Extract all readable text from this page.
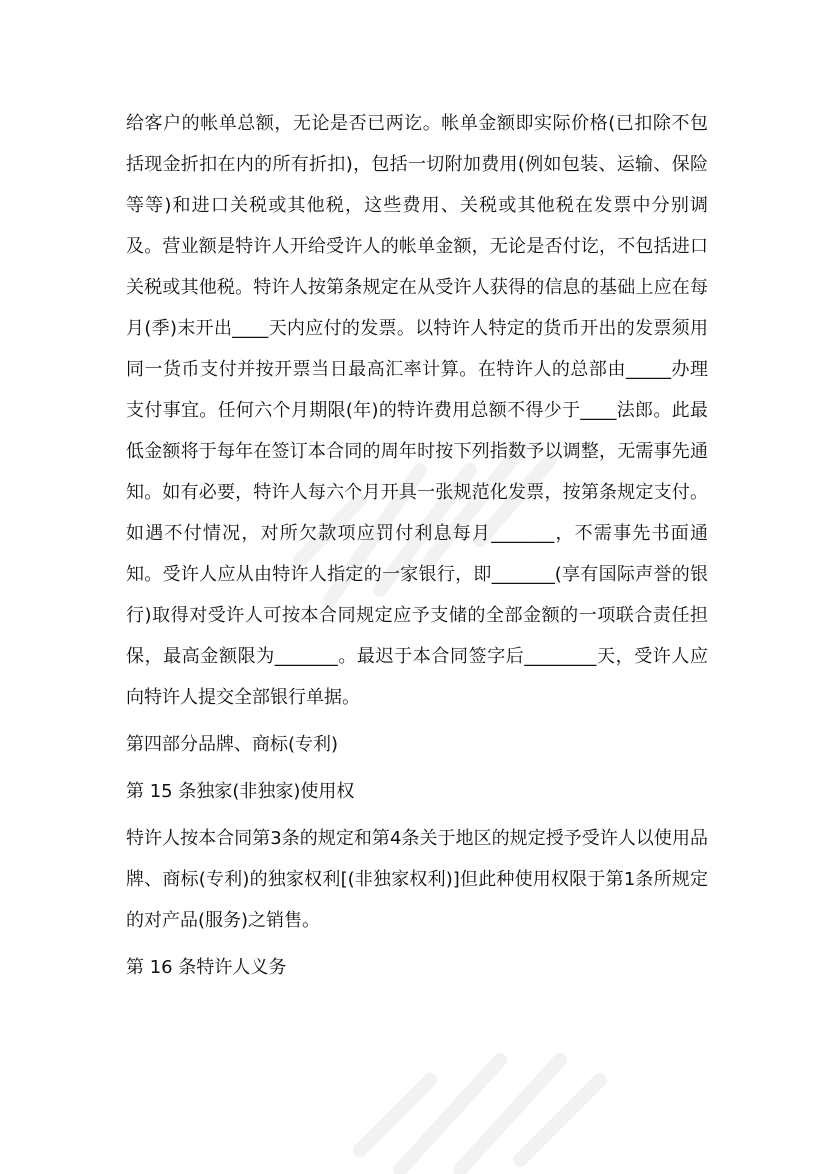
给客户的帐单总额，无论是否已两讫。帐单金额即实际价格(已扣除不包括现金折扣在内的所有折扣)，包括一切附加费用(例如包装、运输、保险等等)和进口关税或其他税，这些费用、关税或其他税在发票中分别调及。营业额是特许人开给受许人的帐单金额，无论是否付讫，不包括进口关税或其他税。特许人按第条规定在从受许人获得的信息的基础上应在每月(季)末开出____天内应付的发票。以特许人特定的货币开出的发票须用同一货币支付并按开票当日最高汇率计算。在特许人的总部由_____办理支付事宜。任何六个月期限(年)的特许费用总额不得少于____法郎。此最低金额将于每年在签订本合同的周年时按下列指数予以调整，无需事先通知。如有必要，特许人每六个月开具一张规范化发票，按第条规定支付。如遇不付情况，对所欠款项应罚付利息每月_______，不需事先书面通知。受许人应从由特许人指定的一家银行，即_______(享有国际声誉的银行)取得对受许人可按本合同规定应予支储的全部金额的一项联合责任担保，最高金额限为_______。最迟于本合同签字后________天，受许人应向特许人提交全部银行单据。

第四部分品牌、商标(专利)

第 15 条独家(非独家)使用权

特许人按本合同第3条的规定和第4条关于地区的规定授予受许人以使用品牌、商标(专利)的独家权利[(非独家权利)]但此种使用权限于第1条所规定的对产品(服务)之销售。

第 16 条特许人义务
